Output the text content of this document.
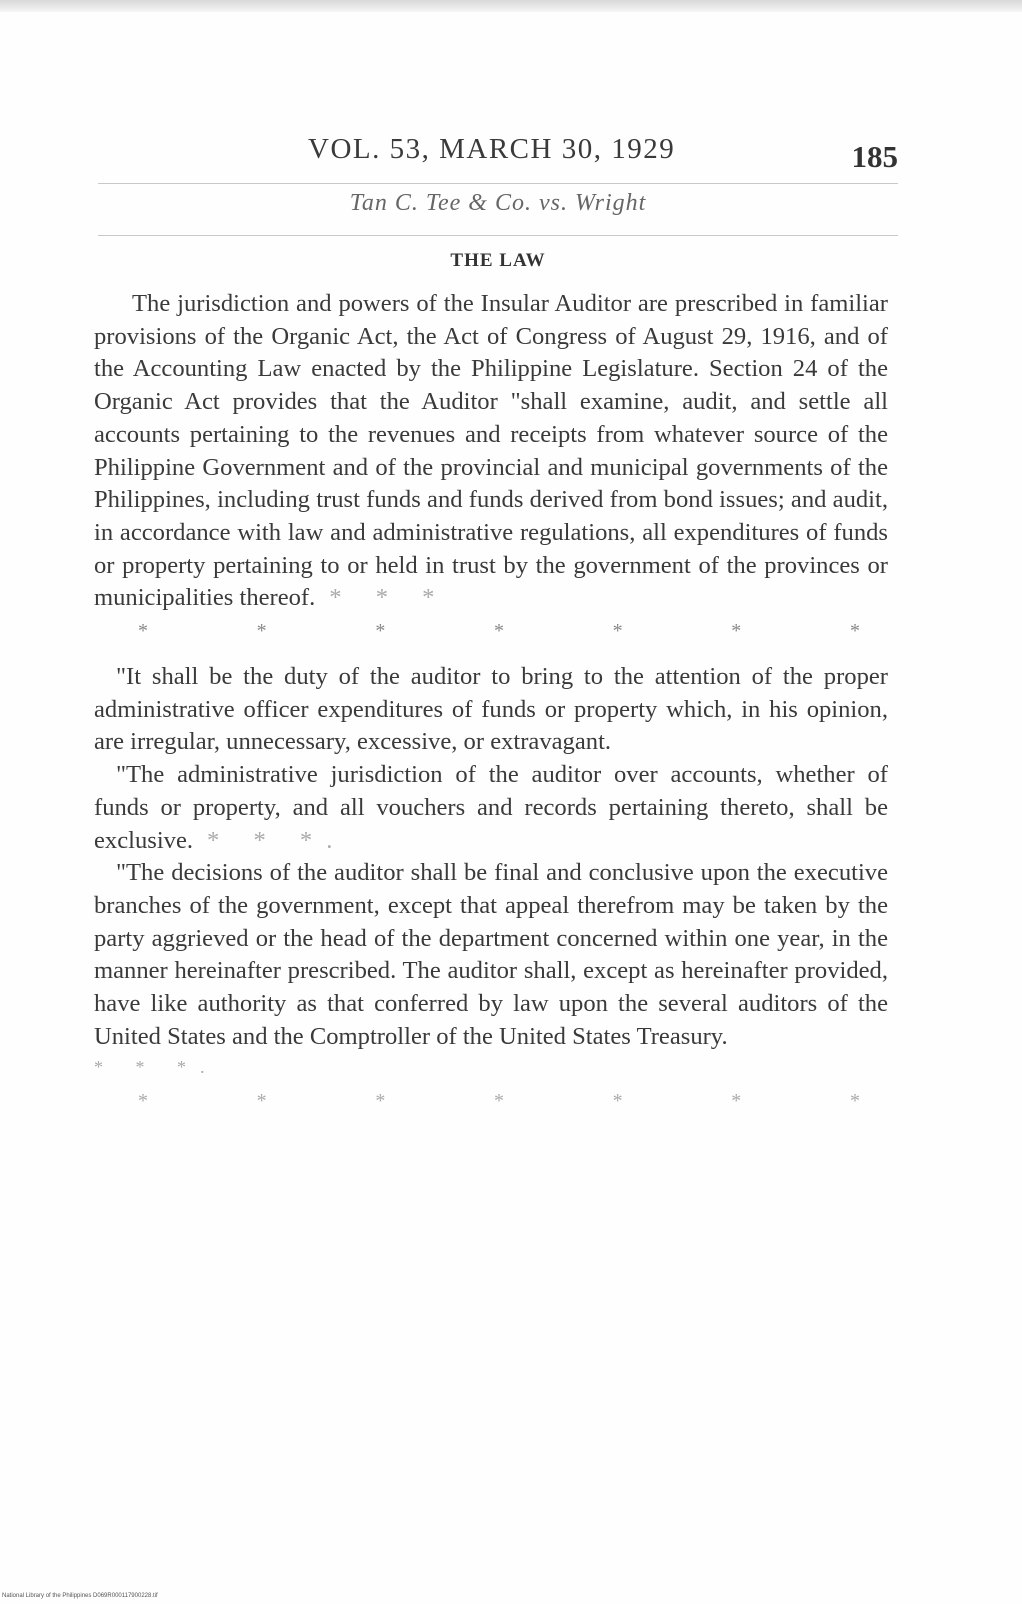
VOL. 53, MARCH 30, 1929	185
Tan C. Tee & Co. vs. Wright
THE LAW

The jurisdiction and powers of the Insular Auditor are prescribed in familiar provisions of the Organic Act, the Act of Congress of August 29, 1916, and of the Accounting Law enacted by the Philippine Legislature. Section 24 of the Organic Act provides that the Auditor "shall examine, audit, and settle all accounts pertaining to the revenues and receipts from whatever source of the Philippine Government and of the provincial and municipal governments of the Philippines, including trust funds and funds derived from bond issues; and audit, in accordance with law and administrative regulations, all expenditures of funds or property pertaining to or held in trust by the government of the provinces or municipalities thereof. * * *

*	*	*	*	*	*	*

"It shall be the duty of the auditor to bring to the attention of the proper administrative officer expenditures of funds or property which, in his opinion, are irregular, unnecessary, excessive, or extravagant.

"The administrative jurisdiction of the auditor over accounts, whether of funds or property, and all vouchers and records pertaining thereto, shall be exclusive. * * *.

"The decisions of the auditor shall be final and conclusive upon the executive branches of the government, except that appeal therefrom may be taken by the party aggrieved or the head of the department concerned within one year, in the manner hereinafter prescribed. The auditor shall, except as hereinafter provided, have like authority as that conferred by law upon the several auditors of the United States and the Comptroller of the United States Treasury.

* * *.
*	*	*	*	*	*	*
National Library of the Philippines D069R000117900228.tif
